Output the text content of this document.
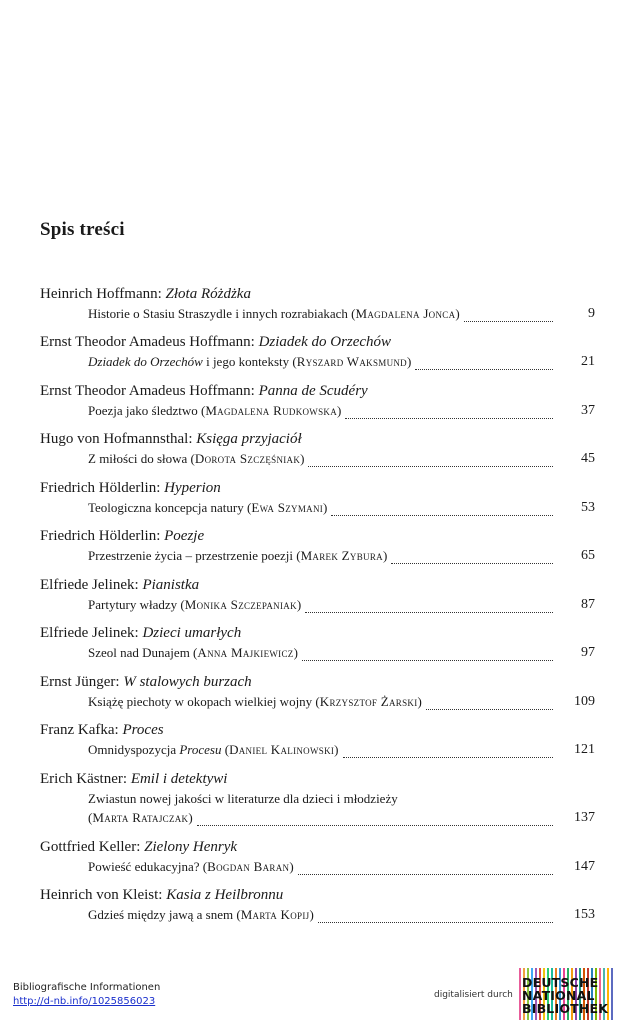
Spis treści
Heinrich Hoffmann: Złota Różdżka
Historie o Stasiu Straszydle i innych rozrabiakach (Magdalena Jonca)	9
Ernst Theodor Amadeus Hoffmann: Dziadek do Orzechów
Dziadek do Orzechów i jego konteksty (Ryszard Waksmund)	21
Ernst Theodor Amadeus Hoffmann: Panna de Scudéry
Poezja jako śledztwo (Magdalena Rudkowska)	37
Hugo von Hofmannsthal: Księga przyjaciół
Z miłości do słowa (Dorota Szczęśniak)	45
Friedrich Hölderlin: Hyperion
Teologiczna koncepcja natury (Ewa Szymani)	53
Friedrich Hölderlin: Poezje
Przestrzenie życia – przestrzenie poezji (Marek Zybura)	65
Elfriede Jelinek: Pianistka
Partytury władzy (Monika Szczepaniak)	87
Elfriede Jelinek: Dzieci umarłych
Szeol nad Dunajem (Anna Majkiewicz)	97
Ernst Jünger: W stalowych burzach
Książę piechoty w okopach wielkiej wojny (Krzysztof Żarski)	109
Franz Kafka: Proces
Omnidyspozycja Procesu (Daniel Kalinowski)	121
Erich Kästner: Emil i detektywi
Zwiastun nowej jakości w literaturze dla dzieci i młodzieży
(Marta Ratajczak)	137
Gottfried Keller: Zielony Henryk
Powieść edukacyjna? (Bogdan Baran)	147
Heinrich von Kleist: Kasia z Heilbronnu
Gdzieś między jawą a snem (Marta Kopij)	153
Bibliografische Informationen
http://d-nb.info/1025856023
digitalisiert durch
DEUTSCHE
NATIONAL
BIBLIOTHEK
